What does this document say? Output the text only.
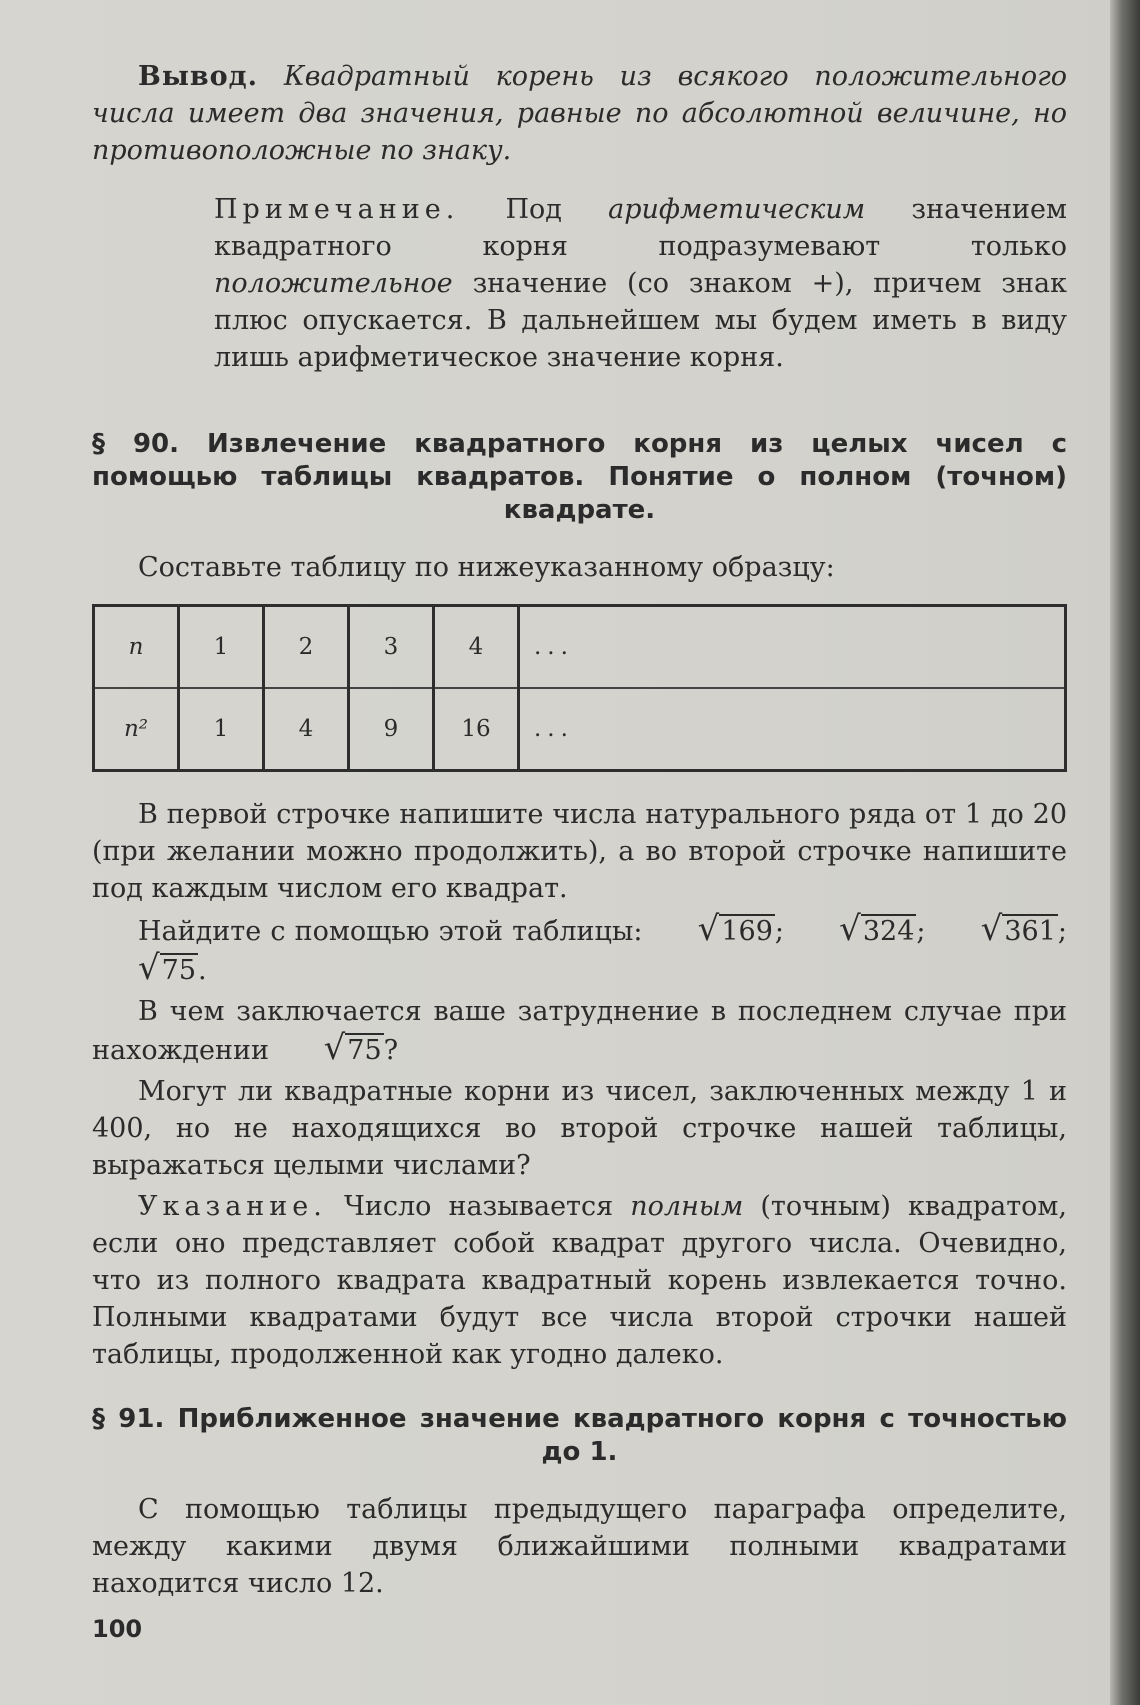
Вывод. Квадратный корень из всякого положительного числа имеет два значения, равные по абсолютной величине, но противоположные по знаку.

Примечание. Под арифметическим значением квадратного корня подразумевают только положительное значение (со знаком +), причем знак плюс опускается. В дальнейшем мы будем иметь в виду лишь арифметическое значение корня.

§ 90. Извлечение квадратного корня из целых чисел с помощью таблицы квадратов. Понятие о полном (точном) квадрате.

Составьте таблицу по нижеуказанному образцу:

n	1	2	3	4	...
n²	1	4	9	16	...

В первой строчке напишите числа натурального ряда от 1 до 20 (при желании можно продолжить), а во второй строчке напишите под каждым числом его квадрат.

Найдите с помощью этой таблицы: √169; √324; √361; √75.

В чем заключается ваше затруднение в последнем случае при нахождении √75?

Могут ли квадратные корни из чисел, заключенных между 1 и 400, но не находящихся во второй строчке нашей таблицы, выражаться целыми числами?

Указание. Число называется полным (точным) квадратом, если оно представляет собой квадрат другого числа. Очевидно, что из полного квадрата квадратный корень извлекается точно. Полными квадратами будут все числа второй строчки нашей таблицы, продолженной как угодно далеко.

§ 91. Приближенное значение квадратного корня с точностью до 1.

С помощью таблицы предыдущего параграфа определите, между какими двумя ближайшими полными квадратами находится число 12.

100
